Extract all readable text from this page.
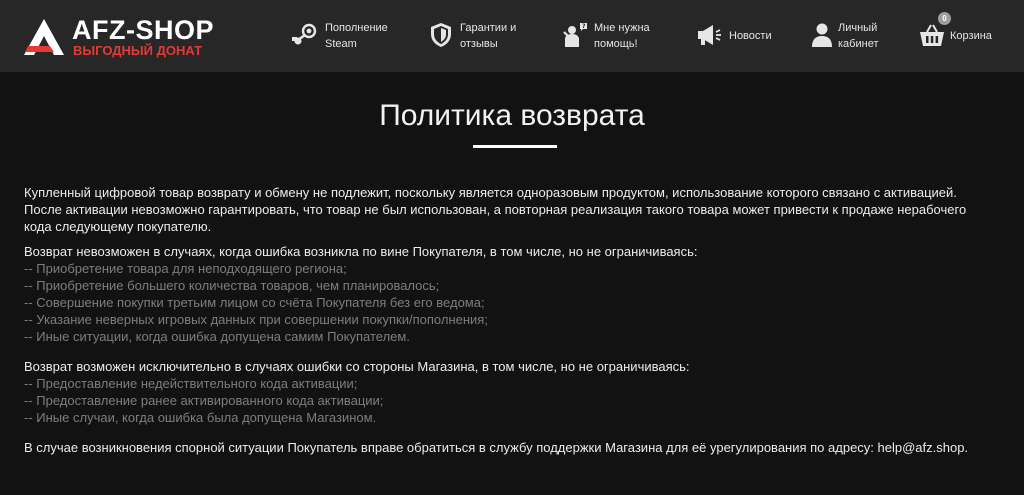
AFZ-SHOP
ВЫГОДНЫЙ ДОНАТ
Пополнение
Steam
Гарантии и
отзывы
? Мне нужна
помощь!
Новости
Личный
кабинет
0
Корзина
Политика возврата

Купленный цифровой товар возврату и обмену не подлежит, поскольку является одноразовым продуктом, использование которого связано с активацией.

После активации невозможно гарантировать, что товар не был использован, а повторная реализация такого товара может привести к продаже нерабочего

кода следующему покупателю.

Возврат невозможен в случаях, когда ошибка возникла по вине Покупателя, в том числе, но не ограничиваясь:

-- Приобретение товара для неподходящего региона;

-- Приобретение большего количества товаров, чем планировалось;

-- Совершение покупки третьим лицом со счёта Покупателя без его ведома;

-- Указание неверных игровых данных при совершении покупки/пополнения;

-- Иные ситуации, когда ошибка допущена самим Покупателем.

Возврат возможен исключительно в случаях ошибки со стороны Магазина, в том числе, но не ограничиваясь:

-- Предоставление недействительного кода активации;

-- Предоставление ранее активированного кода активации;

-- Иные случаи, когда ошибка была допущена Магазином.

В случае возникновения спорной ситуации Покупатель вправе обратиться в службу поддержки Магазина для её урегулирования по адресу: help@afz.shop.
